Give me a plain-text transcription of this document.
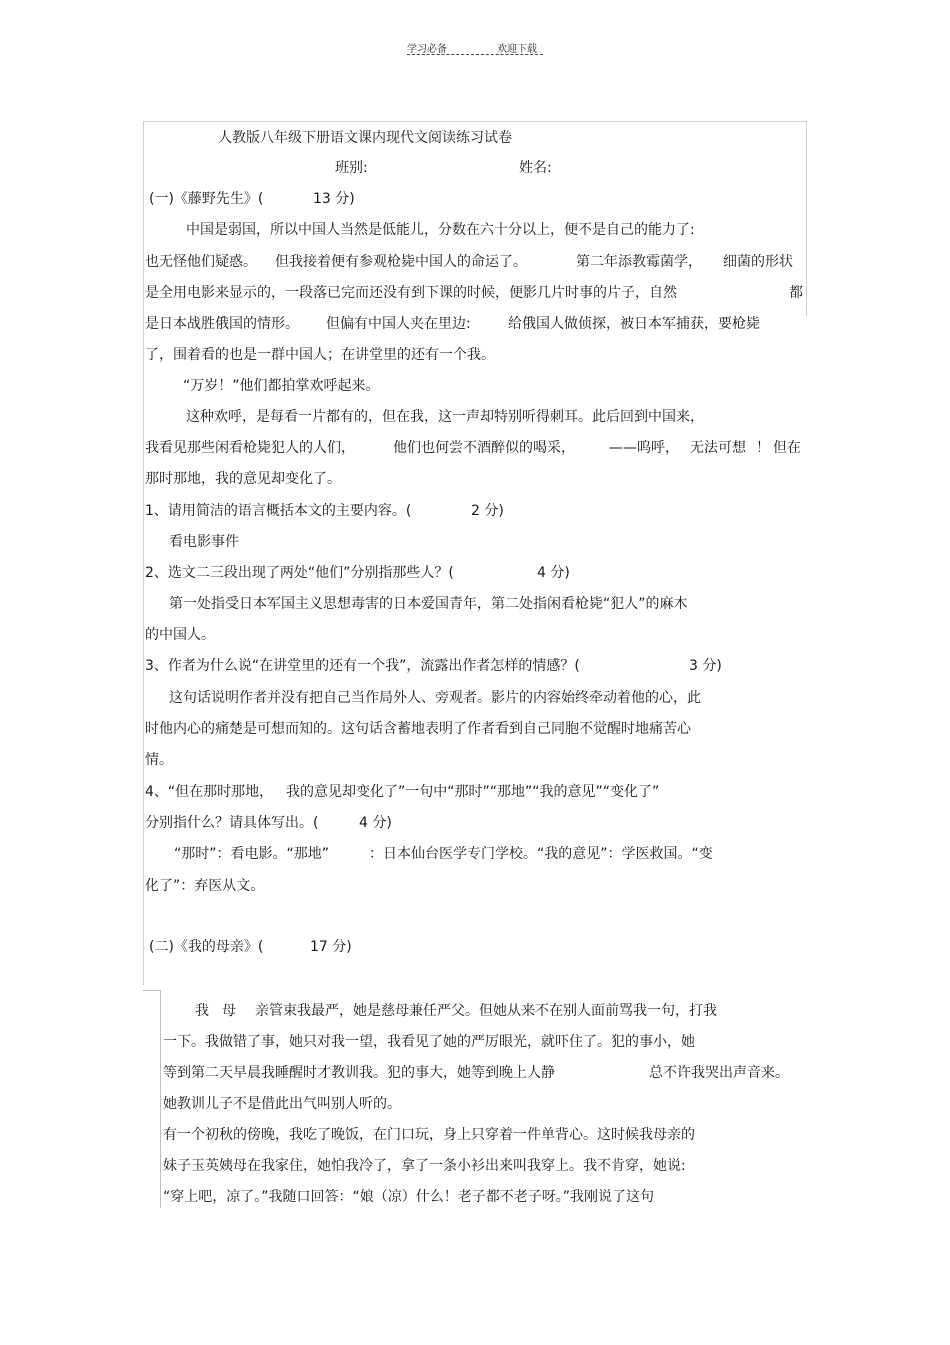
学习必备	欢迎下载
人教版八年级下册语文课内现代文阅读练习试卷
班别:	姓名:
(一)《藤野先生》(	13 分)
中国是弱国，所以中国人当然是低能儿，分数在六十分以上，便不是自己的能力了:
也无怪他们疑惑。 但我接着便有参观枪毙中国人的命运了。	第二年添教霉菌学， 细菌的形状
是全用电影来显示的，一段落已完而还没有到下课的时候，便影几片时事的片子，自然	都
是日本战胜俄国的情形。 但偏有中国人夹在里边:	给俄国人做侦探，被日本军捕获，要枪毙
了，围着看的也是一群中国人；在讲堂里的还有一个我。
“万岁！”他们都拍掌欢呼起来。
这种欢呼，是每看一片都有的，但在我，这一声却特别听得刺耳。此后回到中国来，
我看见那些闲看枪毙犯人的人们，	他们也何尝不酒醉似的喝采， ——呜呼， 无法可想 ！ 但在
那时那地，我的意见却变化了。
1、请用简洁的语言概括本文的主要内容。(	2 分)
看电影事件
2、选文二三段出现了两处“他们”分别指那些人？(	4 分)
第一处指受日本军国主义思想毒害的日本爱国青年，第二处指闲看枪毙“犯人”的麻木
的中国人。
3、作者为什么说“在讲堂里的还有一个我”，流露出作者怎样的情感？(	3 分)
这句话说明作者并没有把自己当作局外人、旁观者。影片的内容始终牵动着他的心，此
时他内心的痛楚是可想而知的。这句话含蓄地表明了作者看到自己同胞不觉醒时地痛苦心
情。
4、“但在那时那地， 我的意见却变化了”一句中“那时”“那地”“我的意见”“变化了”
分别指什么？请具体写出。(	4 分)
“那时”：看电影。“那地”	：日本仙台医学专门学校。“我的意见”：学医救国。“变
化了”：弃医从文。
(二)《我的母亲》(	17 分)
我 母 亲管束我最严，她是慈母兼任严父。但她从来不在别人面前骂我一句，打我
一下。我做错了事，她只对我一望，我看见了她的严厉眼光，就吓住了。犯的事小，她
等到第二天早晨我睡醒时才教训我。犯的事大，她等到晚上人静	总不许我哭出声音来。
她教训儿子不是借此出气叫别人听的。
有一个初秋的傍晚，我吃了晚饭，在门口玩，身上只穿着一件单背心。这时候我母亲的
妹子玉英姨母在我家住，她怕我冷了，拿了一条小衫出来叫我穿上。我不肯穿，她说:
“穿上吧，凉了。”我随口回答：“娘（凉）什么！老子都不老子呀。”我刚说了这句
